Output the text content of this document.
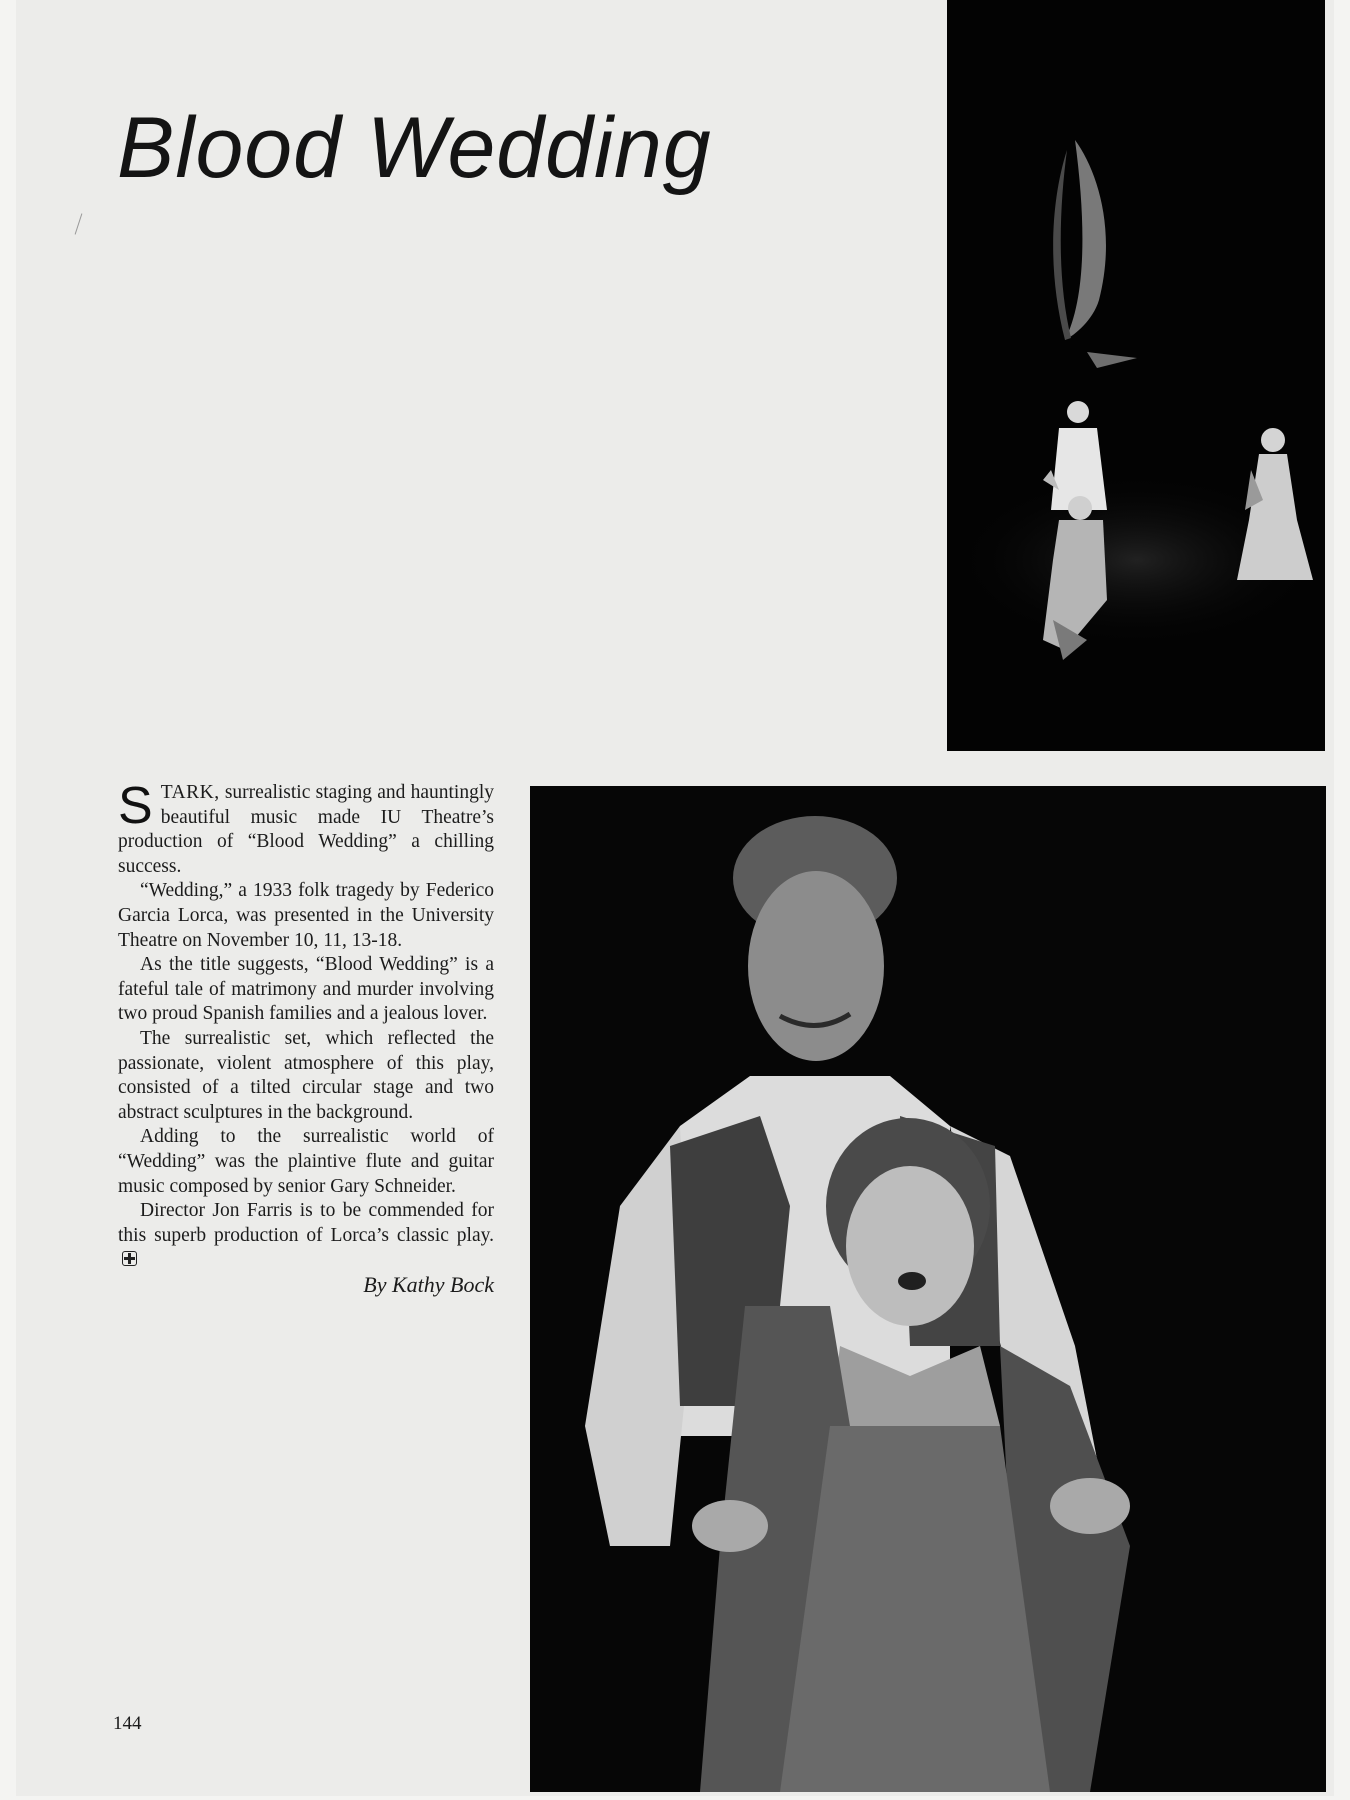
Blood Wedding

STARK, surrealistic staging and hauntingly beautiful music made IU Theatre’s production of “Blood Wedding” a chilling success.

“Wedding,” a 1933 folk tragedy by Federico Garcia Lorca, was presented in the University Theatre on November 10, 11, 13-18.

As the title suggests, “Blood Wedding” is a fateful tale of matrimony and murder involving two proud Spanish families and a jealous lover.

The surrealistic set, which reflected the passionate, violent atmosphere of this play, consisted of a tilted circular stage and two abstract sculptures in the background.

Adding to the surrealistic world of “Wedding” was the plaintive flute and guitar music composed by senior Gary Schneider.

Director Jon Farris is to be commended for this superb production of Lorca’s classic play.

By Kathy Bock

144
